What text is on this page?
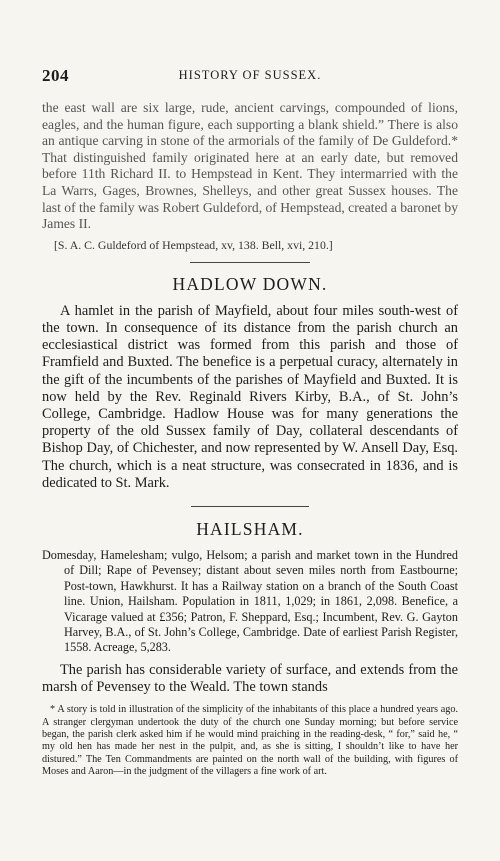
204	HISTORY OF SUSSEX.

the east wall are six large, rude, ancient carvings, compounded of lions, eagles, and the human figure, each supporting a blank shield.” There is also an antique carving in stone of the armorials of the family of De Guldeford.* That distinguished family originated here at an early date, but removed before 11th Richard II. to Hempstead in Kent. They intermarried with the La Warrs, Gages, Brownes, Shelleys, and other great Sussex houses. The last of the family was Robert Guldeford, of Hempstead, created a baronet by James II.

[S. A. C. Guldeford of Hempstead, xv, 138. Bell, xvi, 210.]

HADLOW DOWN.

A hamlet in the parish of Mayfield, about four miles south-west of the town. In consequence of its distance from the parish church an ecclesiastical district was formed from this parish and those of Framfield and Buxted. The benefice is a perpetual curacy, alternately in the gift of the incumbents of the parishes of Mayfield and Buxted. It is now held by the Rev. Reginald Rivers Kirby, B.A., of St. John’s College, Cambridge. Hadlow House was for many generations the property of the old Sussex family of Day, collateral descendants of Bishop Day, of Chichester, and now represented by W. Ansell Day, Esq. The church, which is a neat structure, was consecrated in 1836, and is dedicated to St. Mark.

HAILSHAM.

Domesday, Hamelesham; vulgo, Helsom; a parish and market town in the Hundred of Dill; Rape of Pevensey; distant about seven miles north from Eastbourne; Post-town, Hawkhurst. It has a Railway station on a branch of the South Coast line. Union, Hailsham. Population in 1811, 1,029; in 1861, 2,098. Benefice, a Vicarage valued at £356; Patron, F. Sheppard, Esq.; Incumbent, Rev. G. Gayton Harvey, B.A., of St. John’s College, Cambridge. Date of earliest Parish Register, 1558. Acreage, 5,283.

The parish has considerable variety of surface, and extends from the marsh of Pevensey to the Weald. The town stands

* A story is told in illustration of the simplicity of the inhabitants of this place a hundred years ago. A stranger clergyman undertook the duty of the church one Sunday morning; but before service began, the parish clerk asked him if he would mind praiching in the reading-desk, “ for,” said he, “ my old hen has made her nest in the pulpit, and, as she is sitting, I shouldn’t like to have her distured.” The Ten Commandments are painted on the north wall of the building, with figures of Moses and Aaron—in the judgment of the villagers a fine work of art.
